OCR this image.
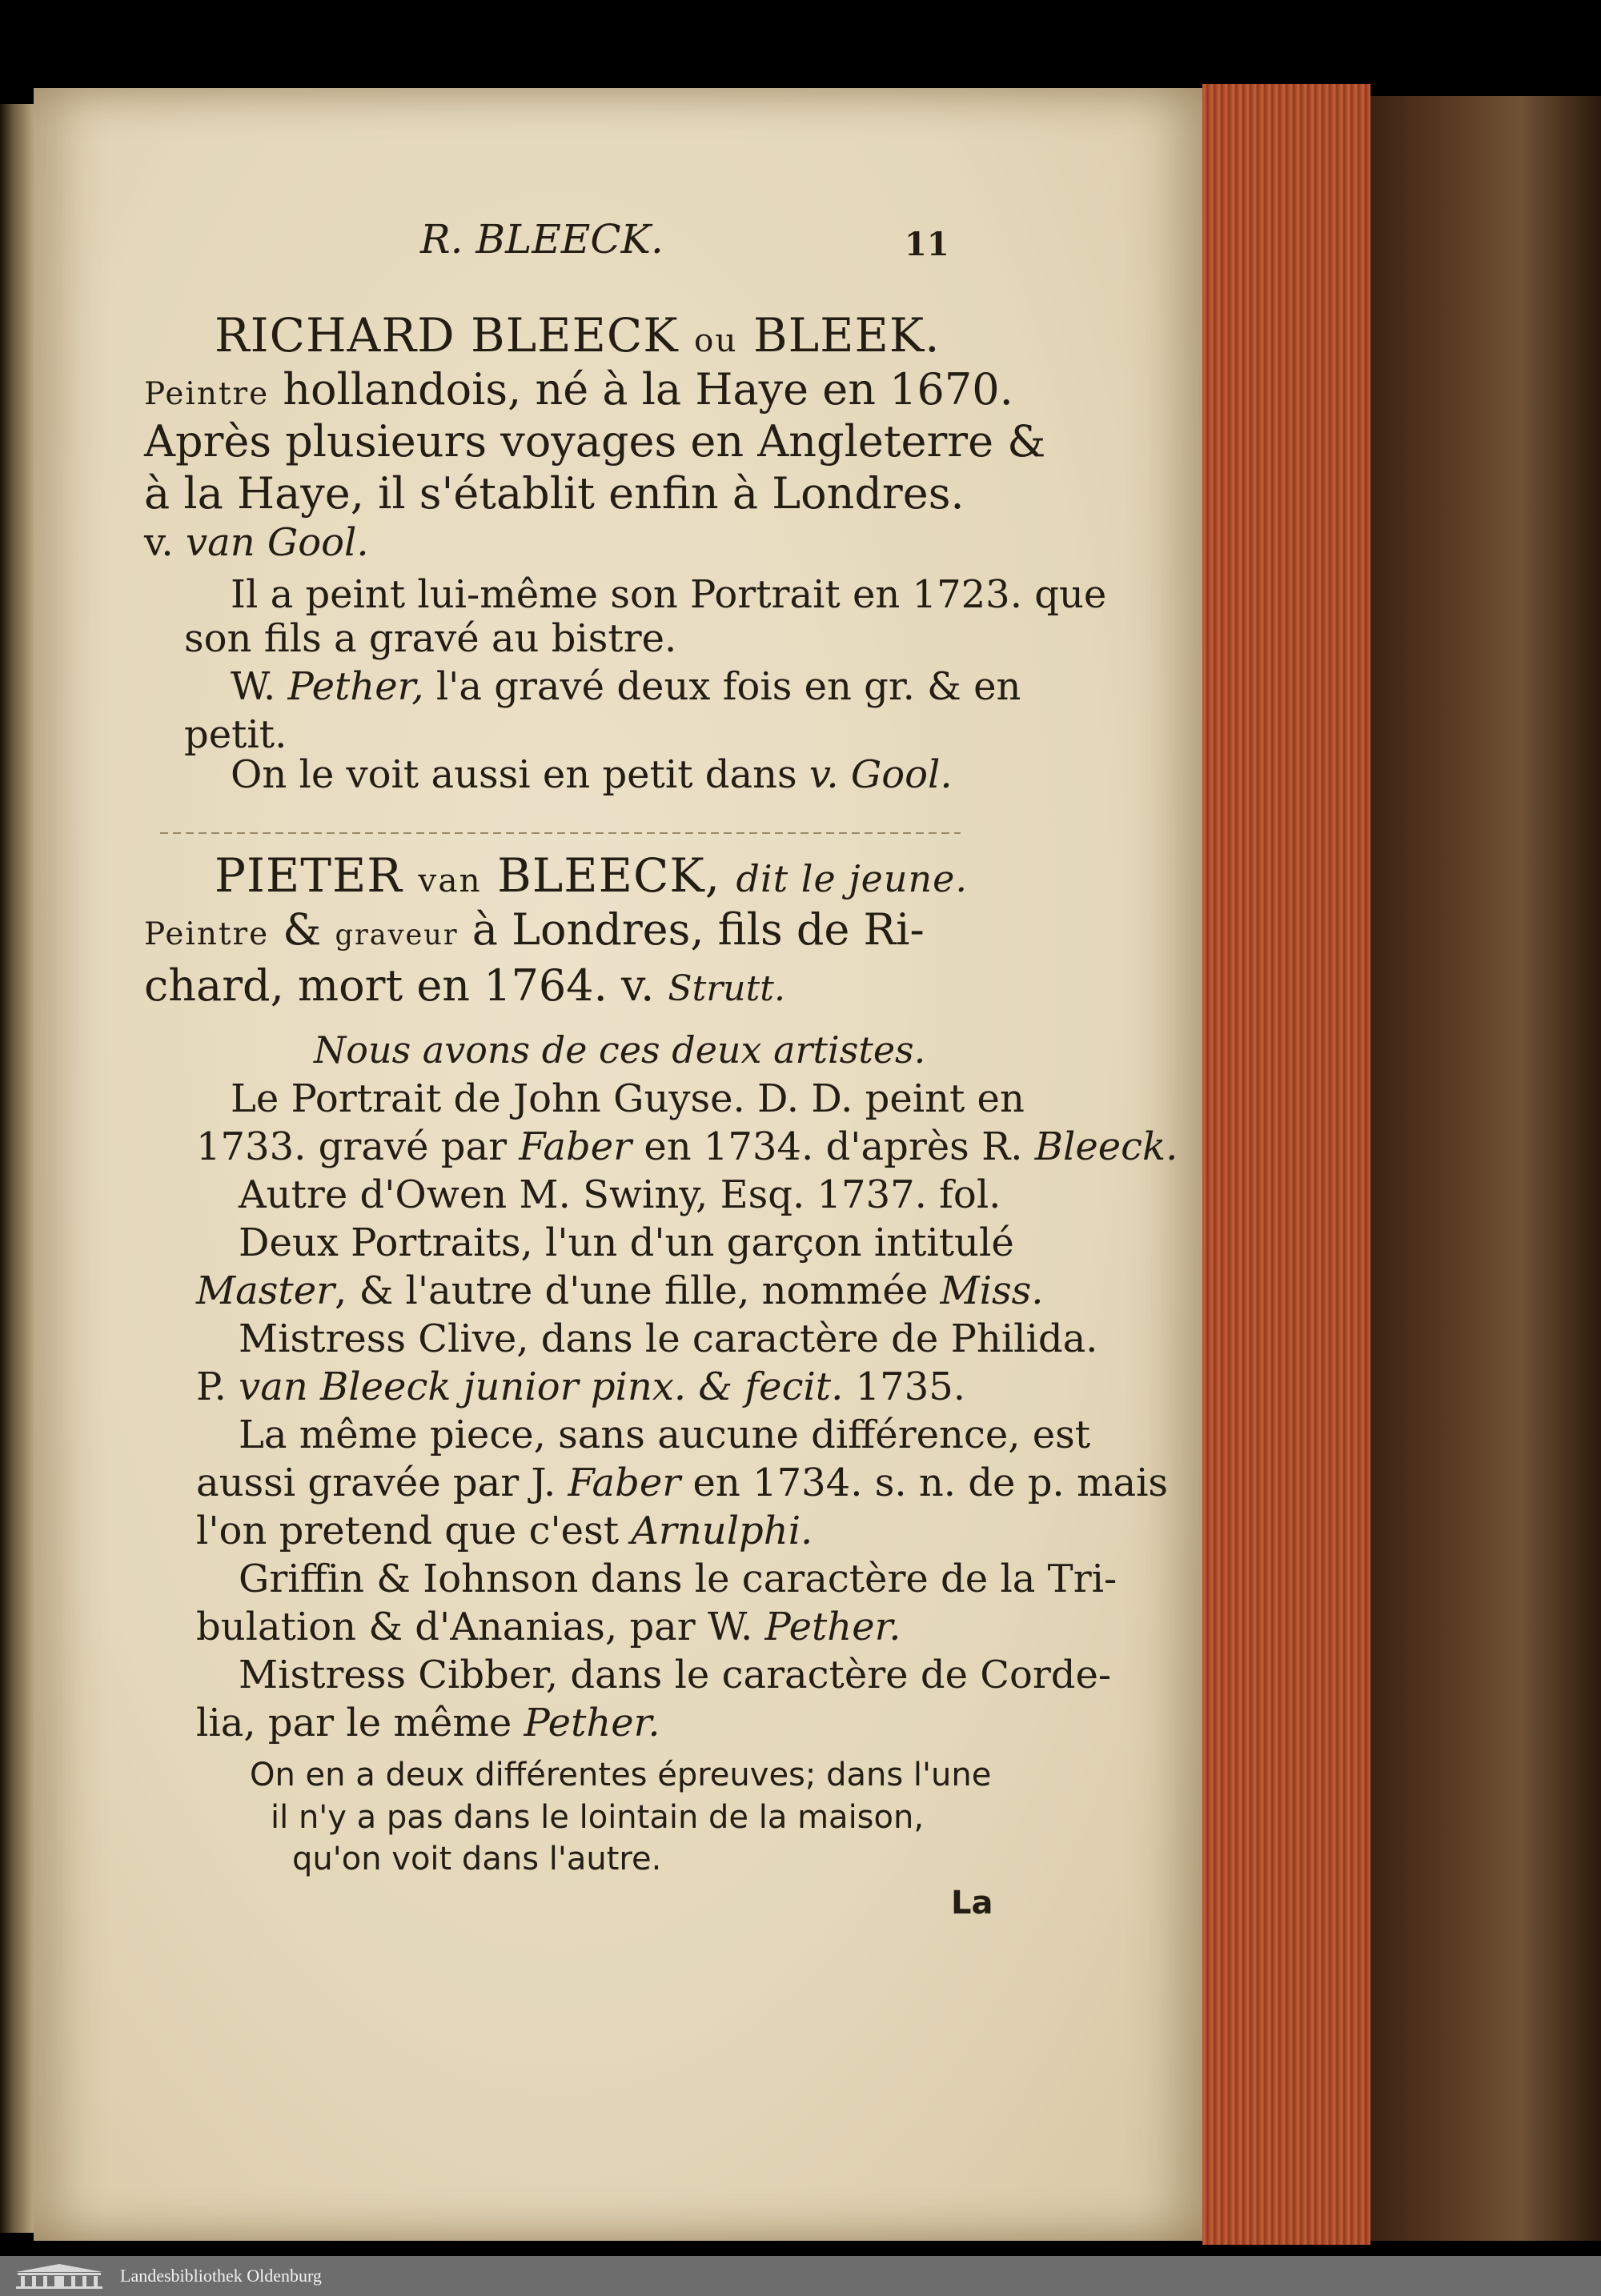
R. BLEECK.	11
RICHARD BLEECK ou BLEEK.
Peintre hollandois, né à la Haye en 1670.
Après plusieurs voyages en Angleterre &
à la Haye, il s'établit enfin à Londres.
v. van Gool.
Il a peint lui-même son Portrait en 1723. que
son fils a gravé au bistre.
W. Pether, l'a gravé deux fois en gr. & en
petit.
On le voit aussi en petit dans v. Gool.
PIETER van BLEECK, dit le jeune.
Peintre & graveur à Londres, fils de Ri-
chard, mort en 1764. v. Strutt.
Nous avons de ces deux artistes.
Le Portrait de John Guyse. D. D. peint en
1733. gravé par Faber en 1734. d'après R. Bleeck.
Autre d'Owen M. Swiny, Esq. 1737. fol.
Deux Portraits, l'un d'un garçon intitulé
Master, & l'autre d'une fille, nommée Miss.
Mistress Clive, dans le caractère de Philida.
P. van Bleeck junior pinx. & fecit. 1735.
La même piece, sans aucune différence, est
aussi gravée par J. Faber en 1734. s. n. de p. mais
l'on pretend que c'est Arnulphi.
Griffin & Iohnson dans le caractère de la Tri-
bulation & d'Ananias, par W. Pether.
Mistress Cibber, dans le caractère de Corde-
lia, par le même Pether.
On en a deux différentes épreuves; dans l'une
il n'y a pas dans le lointain de la maison,
qu'on voit dans l'autre.
La
Landesbibliothek Oldenburg
